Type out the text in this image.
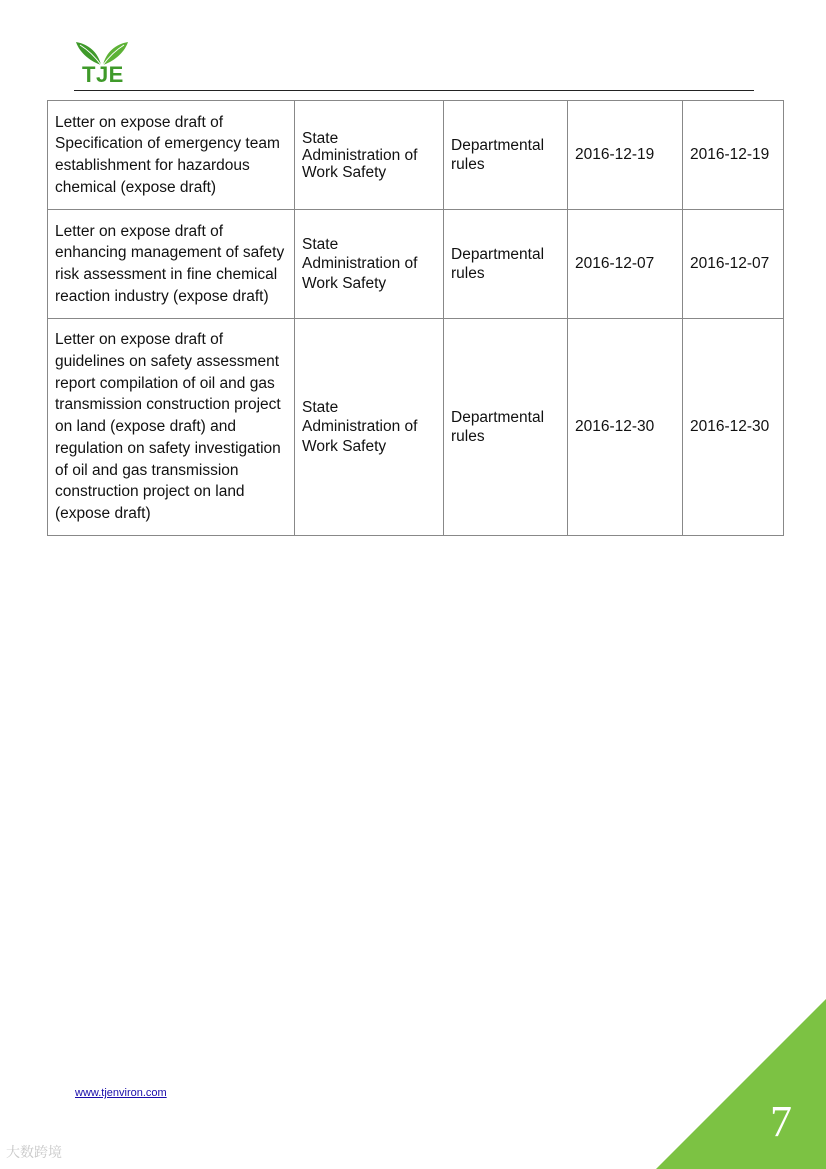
TJE
Letter on expose draft of Specification of emergency team establishment for hazardous chemical (expose draft)	State Administration of Work Safety	Departmental rules	2016-12-19	2016-12-19
Letter on expose draft of enhancing management of safety risk assessment in fine chemical reaction industry (expose draft)	State Administration of Work Safety	Departmental rules	2016-12-07	2016-12-07
Letter on expose draft of guidelines on safety assessment report compilation of oil and gas transmission construction project on land (expose draft) and regulation on safety investigation of oil and gas transmission construction project on land (expose draft)	State Administration of Work Safety	Departmental rules	2016-12-30	2016-12-30
www.tjenviron.com
7
大数跨境
